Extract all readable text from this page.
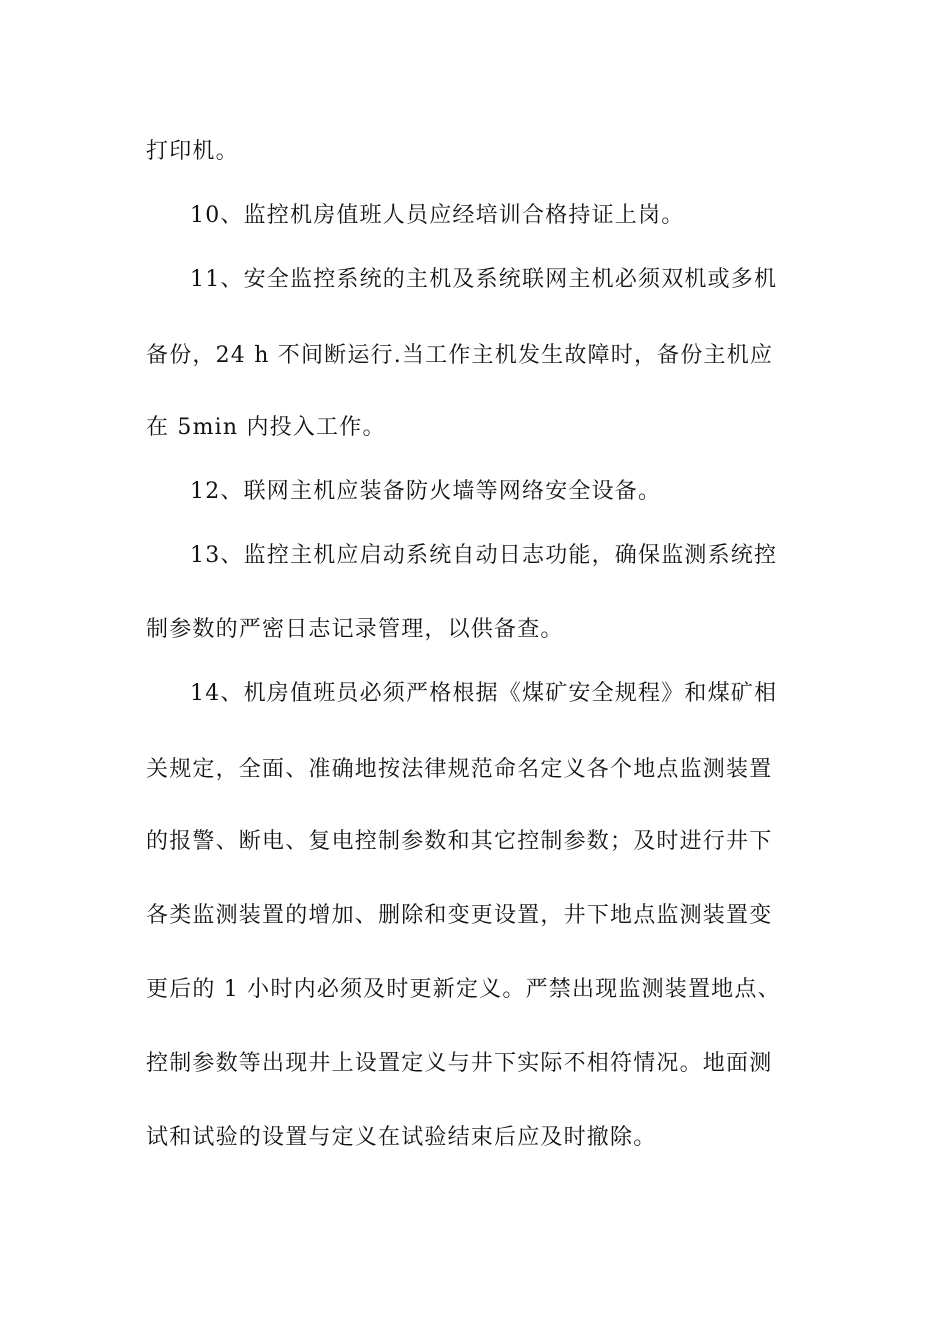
打印机。
10、监控机房值班人员应经培训合格持证上岗。
11、安全监控系统的主机及系统联网主机必须双机或多机
备份，24 h 不间断运行.当工作主机发生故障时，备份主机应
在 5min 内投入工作。
12、联网主机应装备防火墙等网络安全设备。
13、监控主机应启动系统自动日志功能，确保监测系统控
制参数的严密日志记录管理，以供备查。
14、机房值班员必须严格根据《煤矿安全规程》和煤矿相
关规定，全面、准确地按法律规范命名定义各个地点监测装置
的报警、断电、复电控制参数和其它控制参数；及时进行井下
各类监测装置的增加、删除和变更设置，井下地点监测装置变
更后的 1 小时内必须及时更新定义。严禁出现监测装置地点、
控制参数等出现井上设置定义与井下实际不相符情况。地面测
试和试验的设置与定义在试验结束后应及时撤除。
